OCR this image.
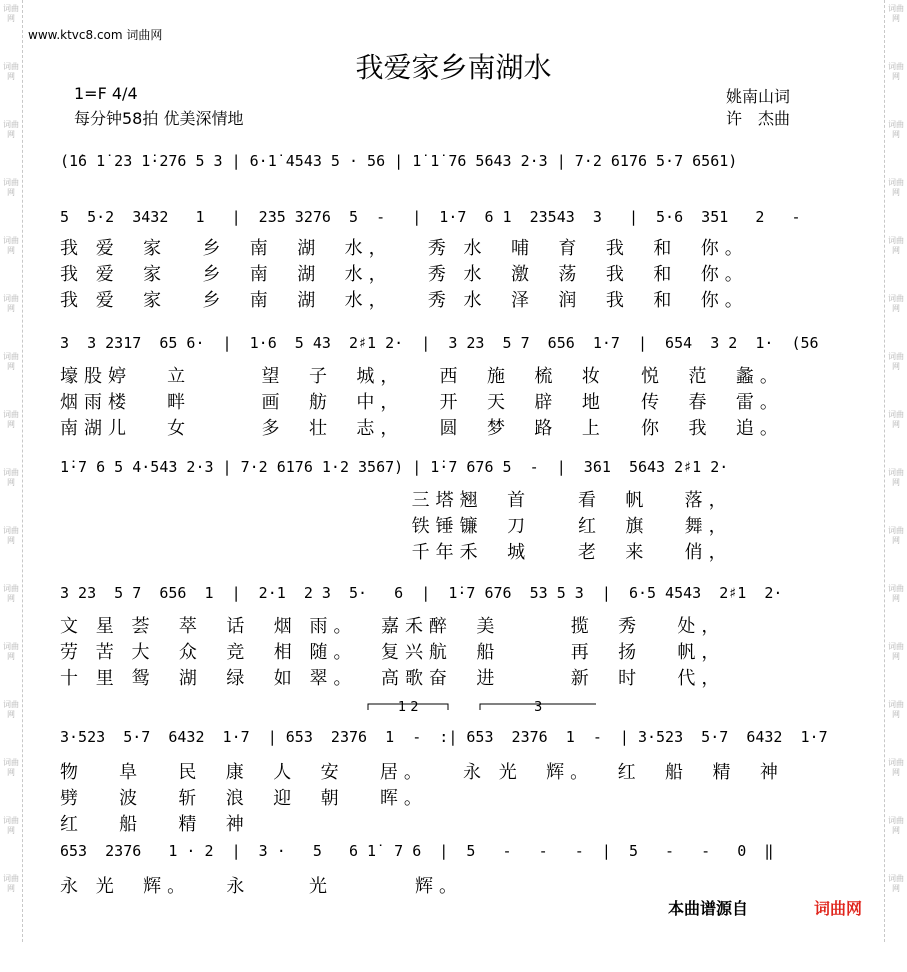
词曲网
词曲网
词曲网
词曲网
词曲网
词曲网
词曲网
词曲网
词曲网
词曲网
词曲网
词曲网
词曲网
词曲网
词曲网
词曲网
词曲网
词曲网
词曲网
词曲网
词曲网
词曲网
词曲网
词曲网
词曲网
词曲网
词曲网
词曲网
词曲网
词曲网
词曲网
词曲网
www.ktvc8.com 词曲网
我爱家乡南湖水
1=F 4/4
每分钟58拍 优美深情地
姚南山词
许　杰曲
(1̇6 1̇ 23 1̇·276 5 3 | 6·1̇ 4543 5 · 56 | 1̇ 1̇ 76 5643 2·3 | 7·2 6176 5·7 6561)
5  5·2  3432   1   |  235 3276  5  -   |  1·7  6 1  23543  3   |  5·6  351   2   -
我 爱  家   乡  南  湖  水，   秀 水  哺  育  我  和  你。
我 爱  家   乡  南  湖  水，   秀 水  激  荡  我  和  你。
我 爱  家   乡  南  湖  水，   秀 水  泽  润  我  和  你。
3  3 2317  65 6·  |  1·6  5 43  2♯1 2·  |  3 23  5 7  656  1·7  |  654  3 2  1·  (56
壕股婷   立      望  子  城，   西  施  梳  妆   悦  范  蠡。
烟雨楼   畔      画  舫  中，   开  天  辟  地   传  春  雷。
南湖儿   女      多  壮  志，   圆  梦  路  上   你  我  追。
1̇·7 6 5 4·543 2·3 | 7·2 6176 1·2 3567) | 1̇·7 676 5  -  |  361  5643 2♯1 2·
三塔翘  首    看  帆   落，
铁锤镰  刀    红  旗   舞，
千年禾  城    老  来   俏，
3 23  5 7  656  1  |  2·1  2 3  5·   6  |  1̇·7 676  53 5 3  |  6·5 4543  2♯1  2·
文 星 荟  萃  话  烟 雨。  嘉禾醉  美      揽  秀   处，
劳 苦 大  众  竞  相 随。  复兴航  船      再  扬   帆，
十 里 鸳  湖  绿  如 翠。  高歌奋  进      新  时   代，
1 2	3
3·523  5·7  6432  1·7  | 653  2376  1  -  :| 653  2376  1  -  | 3·523  5·7  6432  1·7
物   阜   民  康  人  安   居。   永 光  辉。  红  船  精  神
劈   波   斩  浪  迎  朝   晖。
红   船   精  神
653  2376   1 · 2  |  3 ·   5   6 1̇  7 6  |  5   -   -   -  |  5   -   -   0  ‖
永 光  辉。   永     光       辉。
本曲谱源自	词曲网
